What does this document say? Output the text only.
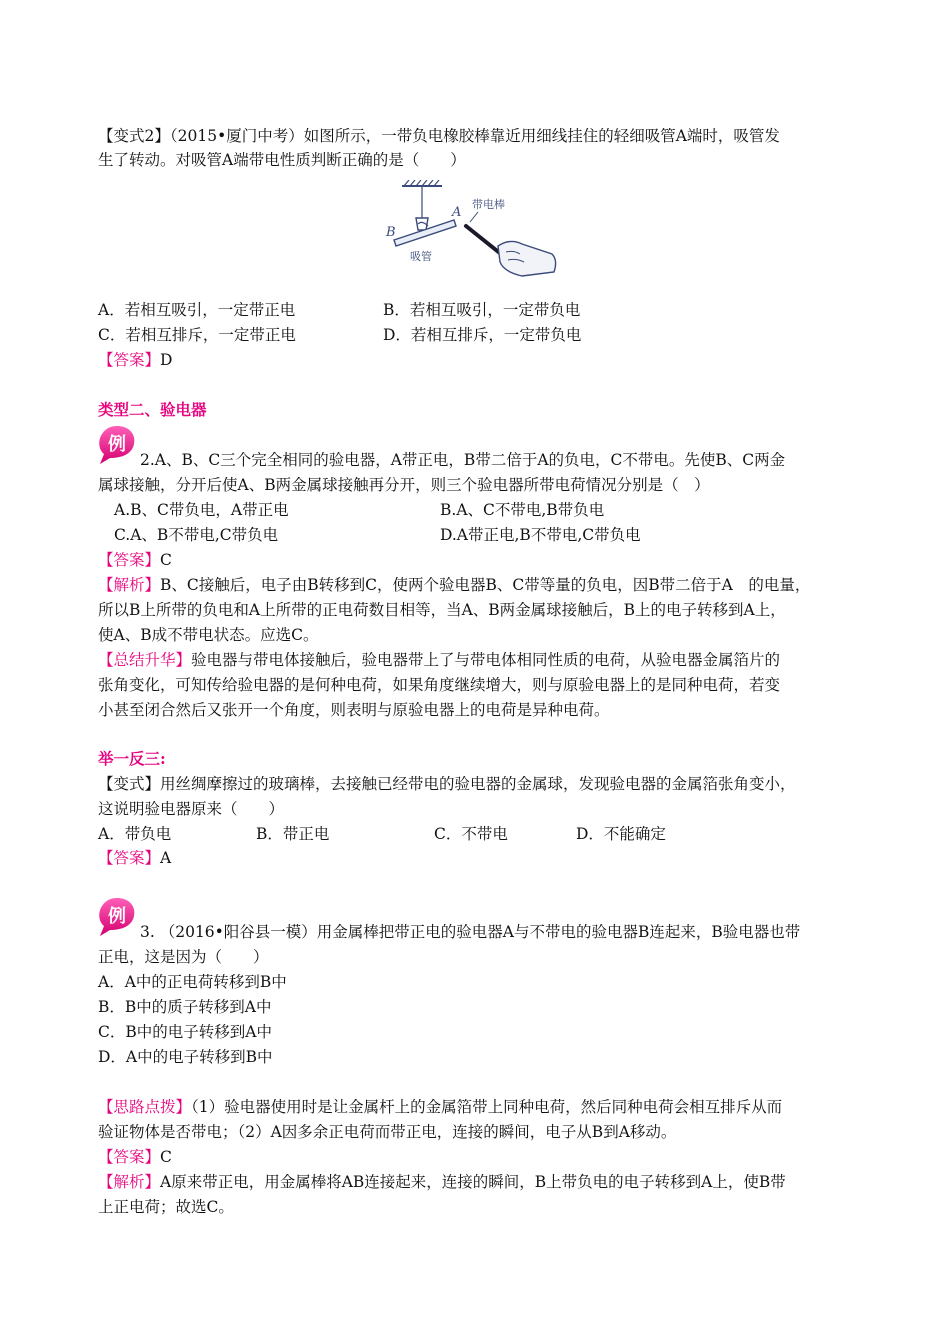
【变式2】（2015•厦门中考）如图所示，一带负电橡胶棒靠近用细线挂住的轻细吸管A端时，吸管发
生了转动。对吸管A端带电性质判断正确的是（　　）
B
A
吸管
带电棒
A．若相互吸引，一定带正电	B．若相互吸引，一定带负电
C．若相互排斥，一定带正电	D．若相互排斥，一定带负电
【答案】D
类型二、验电器
例
2.A、B、C三个完全相同的验电器，A带正电，B带二倍于A的负电，C不带电。先使B、C两金
属球接触，分开后使A、B两金属球接触再分开，则三个验电器所带电荷情况分别是（　）
A.B、C带负电，A带正电	B.A、C不带电,B带负电
C.A、B不带电,C带负电	D.A带正电,B不带电,C带负电
【答案】C
【解析】B、C接触后，电子由B转移到C，使两个验电器B、C带等量的负电，因B带二倍于A　的电量，
所以B上所带的负电和A上所带的正电荷数目相等，当A、B两金属球接触后，B上的电子转移到A上，
使A、B成不带电状态。应选C。
【总结升华】验电器与带电体接触后，验电器带上了与带电体相同性质的电荷，从验电器金属箔片的
张角变化，可知传给验电器的是何种电荷，如果角度继续增大，则与原验电器上的是同种电荷，若变
小甚至闭合然后又张开一个角度，则表明与原验电器上的电荷是异种电荷。
举一反三:
【变式】用丝绸摩擦过的玻璃棒，去接触已经带电的验电器的金属球，发现验电器的金属箔张角变小，
这说明验电器原来（　　）
A．带负电	B．带正电	C．不带电	D．不能确定
【答案】A
例
3. （2016•阳谷县一模）用金属棒把带正电的验电器A与不带电的验电器B连起来，B验电器也带
正电，这是因为（　　）
A．A中的正电荷转移到B中
B．B中的质子转移到A中
C．B中的电子转移到A中
D．A中的电子转移到B中
【思路点拨】（1）验电器使用时是让金属杆上的金属箔带上同种电荷，然后同种电荷会相互排斥从而
验证物体是否带电；（2）A因多余正电荷而带正电，连接的瞬间，电子从B到A移动。
【答案】C
【解析】A原来带正电，用金属棒将AB连接起来，连接的瞬间，B上带负电的电子转移到A上，使B带
上正电荷；故选C。
